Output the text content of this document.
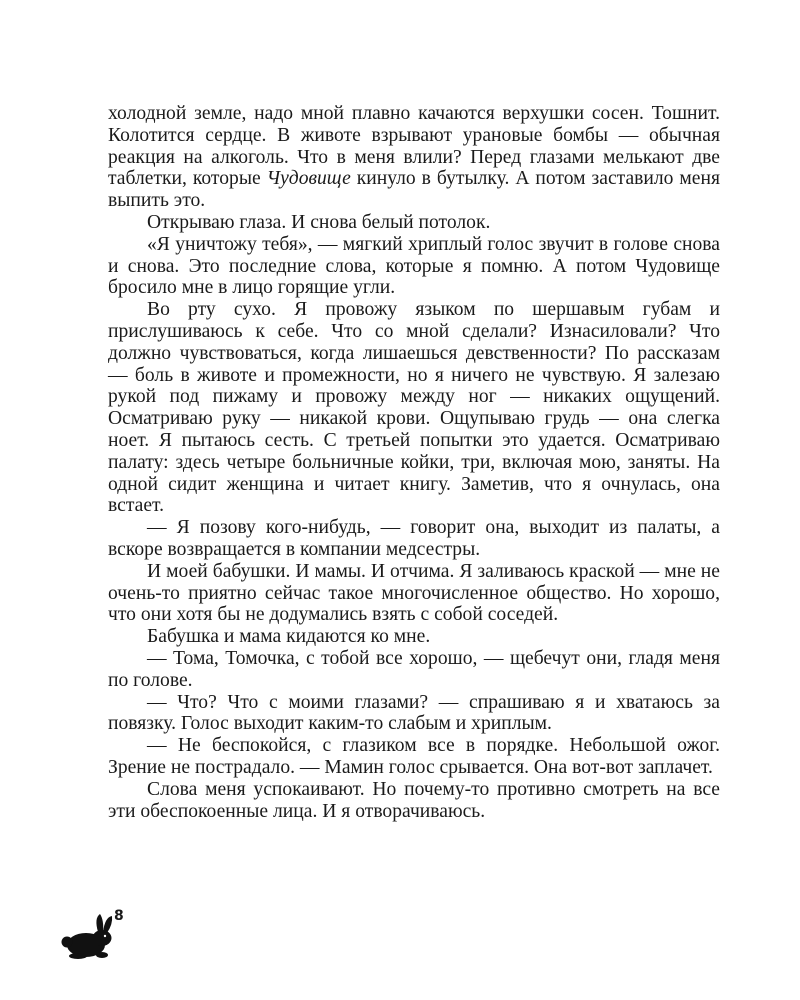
холодной земле, надо мной плавно качаются верхушки сосен. Тошнит. Колотится сердце. В животе взрывают урановые бомбы — обычная реакция на алкоголь. Что в меня влили? Перед глазами мелькают две таблетки, которые Чудовище кинуло в бутылку. А потом заставило меня выпить это.

Открываю глаза. И снова белый потолок.

«Я уничтожу тебя», — мягкий хриплый голос звучит в голове снова и снова. Это последние слова, которые я помню. А потом Чудовище бросило мне в лицо горящие угли.

Во рту сухо. Я провожу языком по шершавым губам и прислушиваюсь к себе. Что со мной сделали? Изнасиловали? Что должно чувствоваться, когда лишаешься девственности? По рассказам — боль в животе и промежности, но я ничего не чувствую. Я залезаю рукой под пижаму и провожу между ног — никаких ощущений. Осматриваю руку — никакой крови. Ощупываю грудь — она слегка ноет. Я пытаюсь сесть. С третьей попытки это удается. Осматриваю палату: здесь четыре больничные койки, три, включая мою, заняты. На одной сидит женщина и читает книгу. Заметив, что я очнулась, она встает.

— Я позову кого-нибудь, — говорит она, выходит из палаты, а вскоре возвращается в компании медсестры.

И моей бабушки. И мамы. И отчима. Я заливаюсь краской — мне не очень-то приятно сейчас такое многочисленное общество. Но хорошо, что они хотя бы не додумались взять с собой соседей.

Бабушка и мама кидаются ко мне.

— Тома, Томочка, с тобой все хорошо, — щебечут они, гладя меня по голове.

— Что? Что с моими глазами? — спрашиваю я и хватаюсь за повязку. Голос выходит каким-то слабым и хриплым.

— Не беспокойся, с глазиком все в порядке. Небольшой ожог. Зрение не пострадало. — Мамин голос срывается. Она вот-вот заплачет.

Слова меня успокаивают. Но почему-то противно смотреть на все эти обеспокоенные лица. И я отворачиваюсь.

8
